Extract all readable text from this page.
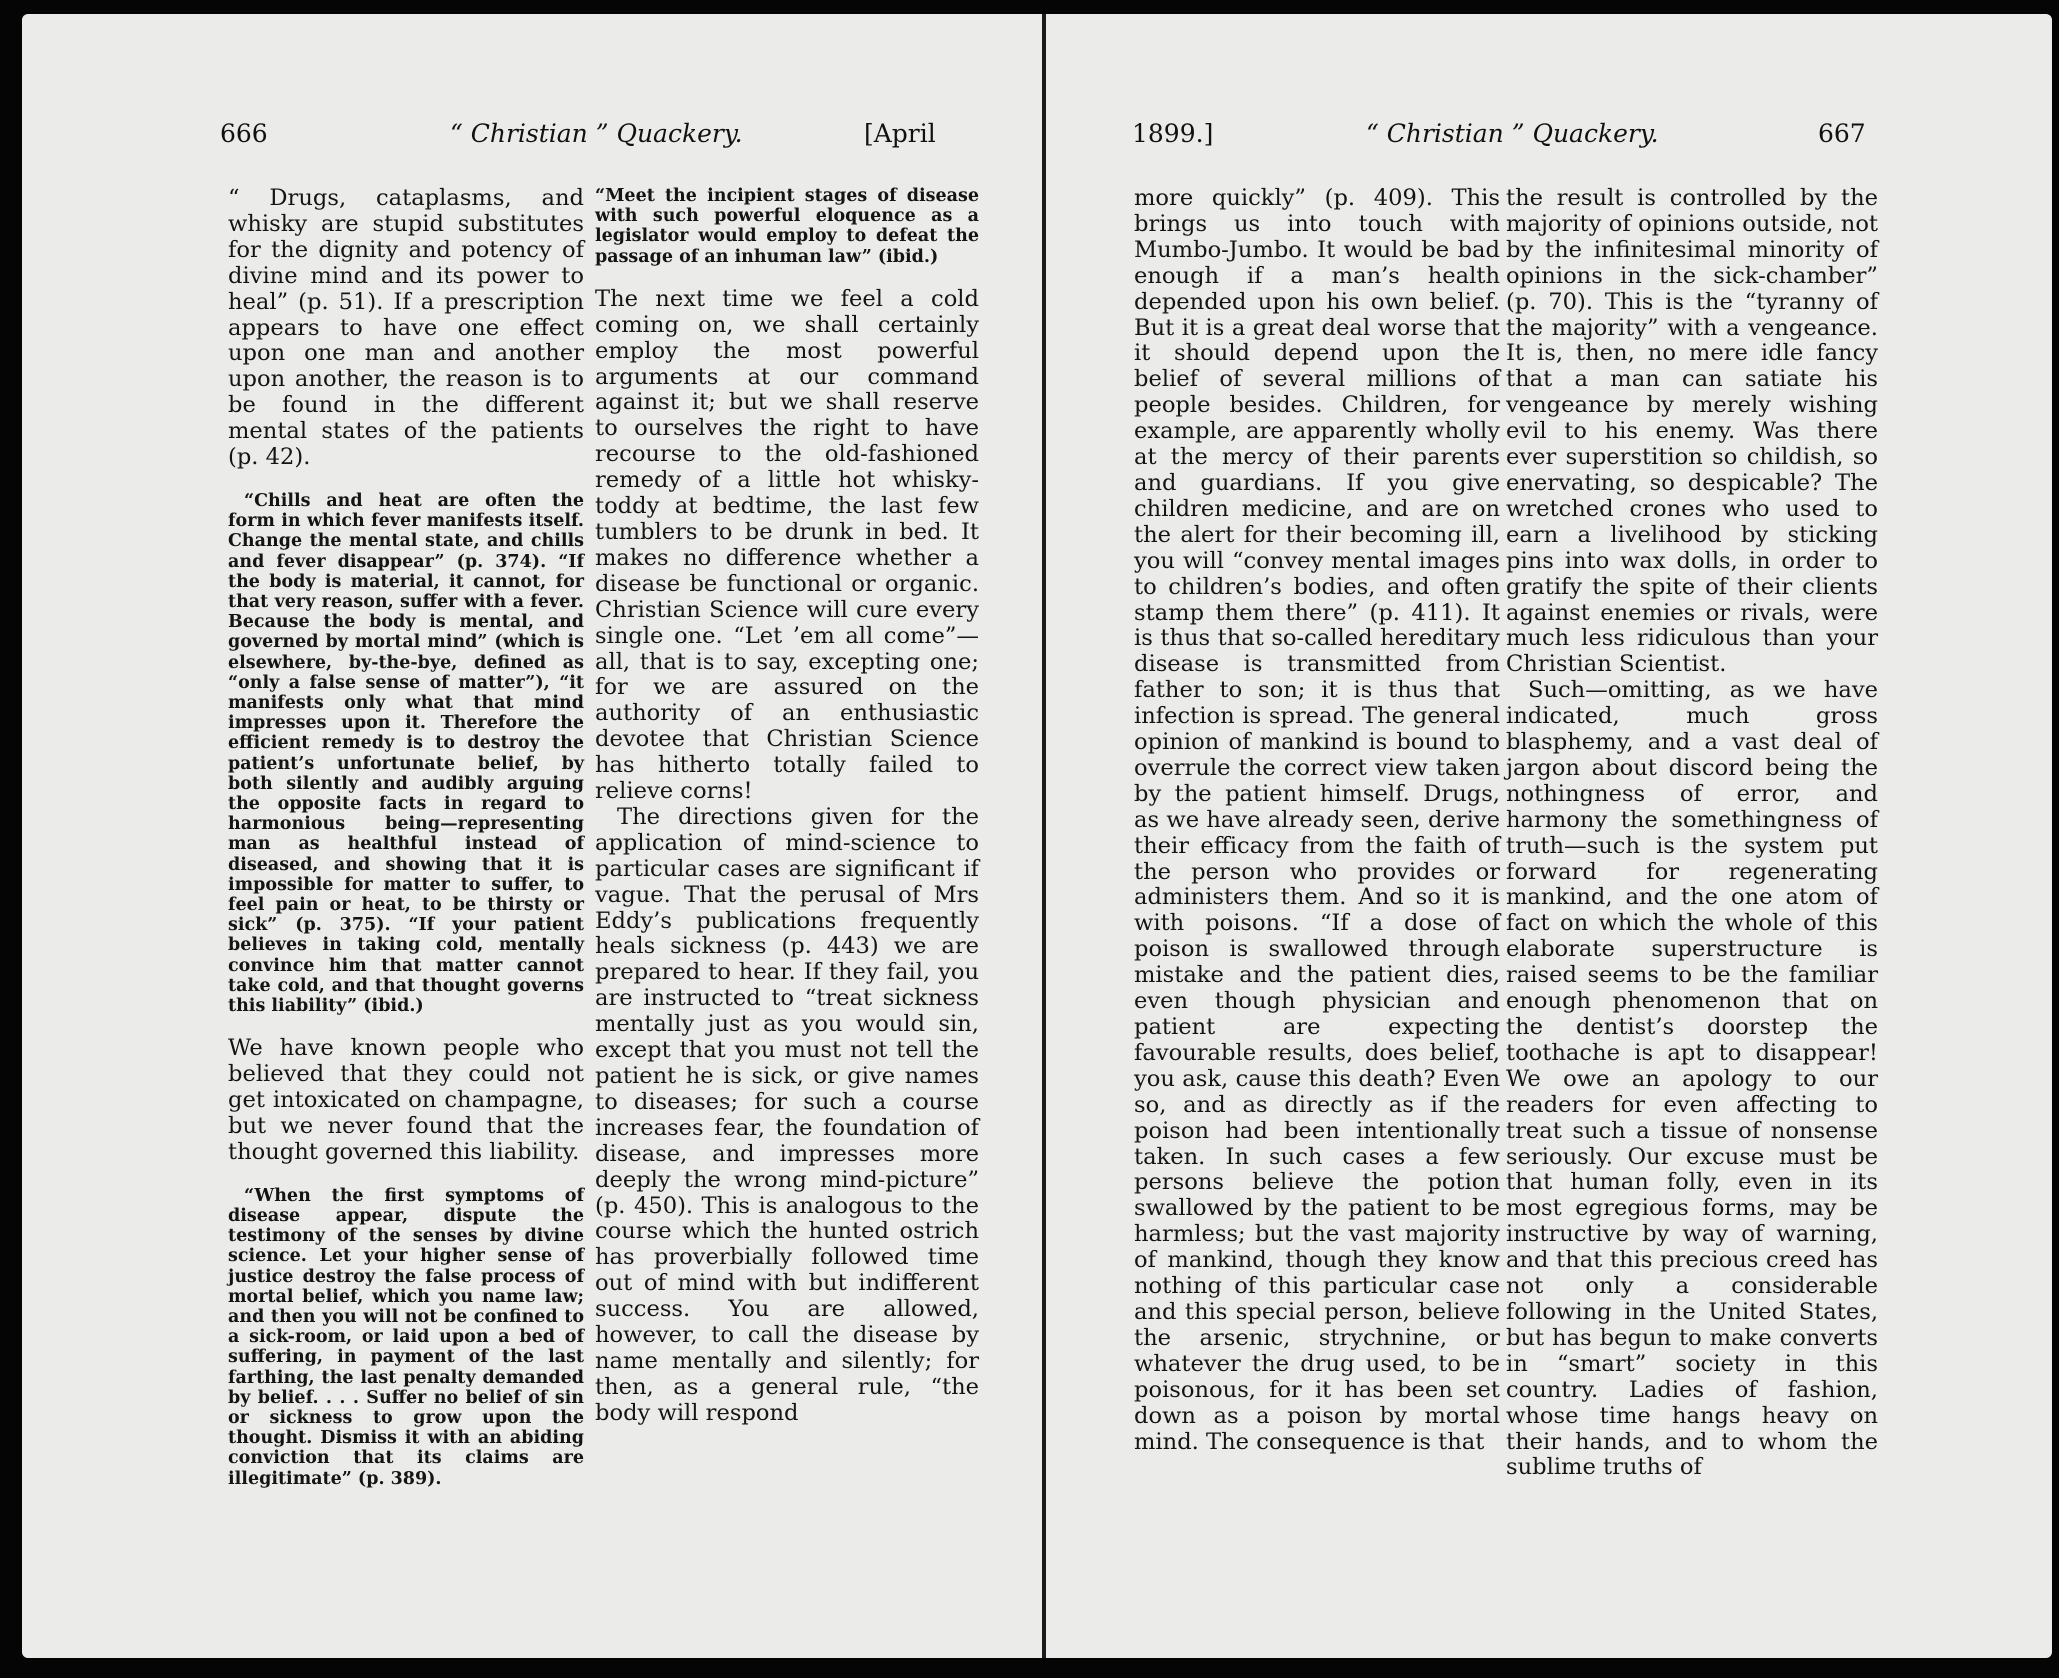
666	“ Christian ” Quackery.	[April

“ Drugs, cataplasms, and whisky are stupid substitutes for the dignity and potency of divine mind and its power to heal” (p. 51). If a prescription appears to have one effect upon one man and another upon another, the reason is to be found in the different mental states of the patients (p. 42).

“Chills and heat are often the form in which fever manifests itself. Change the mental state, and chills and fever disappear” (p. 374). “If the body is material, it cannot, for that very reason, suffer with a fever. Because the body is mental, and governed by mortal mind” (which is elsewhere, by-the-bye, defined as “only a false sense of matter”), “it manifests only what that mind impresses upon it. Therefore the efficient remedy is to destroy the patient’s unfortunate belief, by both silently and audibly arguing the opposite facts in regard to harmonious being—representing man as healthful instead of diseased, and showing that it is impossible for matter to suffer, to feel pain or heat, to be thirsty or sick” (p. 375). “If your patient believes in taking cold, mentally convince him that matter cannot take cold, and that thought governs this liability” (ibid.)

We have known people who believed that they could not get intoxicated on champagne, but we never found that the thought governed this liability.

“When the first symptoms of disease appear, dispute the testimony of the senses by divine science. Let your higher sense of justice destroy the false process of mortal belief, which you name law; and then you will not be confined to a sick-room, or laid upon a bed of suffering, in payment of the last farthing, the last penalty demanded by belief. . . . Suffer no belief of sin or sickness to grow upon the thought. Dismiss it with an abiding conviction that its claims are illegitimate” (p. 389).

“Meet the incipient stages of disease with such powerful eloquence as a legislator would employ to defeat the passage of an inhuman law” (ibid.)

The next time we feel a cold coming on, we shall certainly employ the most powerful arguments at our command against it; but we shall reserve to ourselves the right to have recourse to the old-fashioned remedy of a little hot whisky-toddy at bedtime, the last few tumblers to be drunk in bed. It makes no difference whether a disease be functional or organic. Christian Science will cure every single one. “Let ’em all come”—all, that is to say, excepting one; for we are assured on the authority of an enthusiastic devotee that Christian Science has hitherto totally failed to relieve corns!

The directions given for the application of mind-science to particular cases are significant if vague. That the perusal of Mrs Eddy’s publications frequently heals sickness (p. 443) we are prepared to hear. If they fail, you are instructed to “treat sickness mentally just as you would sin, except that you must not tell the patient he is sick, or give names to diseases; for such a course increases fear, the foundation of disease, and impresses more deeply the wrong mind-picture” (p. 450). This is analogous to the course which the hunted ostrich has proverbially followed time out of mind with but indifferent success. You are allowed, however, to call the disease by name mentally and silently; for then, as a general rule, “the body will respond

1899.]	“ Christian ” Quackery.	667

more quickly” (p. 409). This brings us into touch with Mumbo-Jumbo. It would be bad enough if a man’s health depended upon his own belief. But it is a great deal worse that it should depend upon the belief of several millions of people besides. Children, for example, are apparently wholly at the mercy of their parents and guardians. If you give children medicine, and are on the alert for their becoming ill, you will “convey mental images to children’s bodies, and often stamp them there” (p. 411). It is thus that so-called hereditary disease is transmitted from father to son; it is thus that infection is spread. The general opinion of mankind is bound to overrule the correct view taken by the patient himself. Drugs, as we have already seen, derive their efficacy from the faith of the person who provides or administers them. And so it is with poisons. “If a dose of poison is swallowed through mistake and the patient dies, even though physician and patient are expecting favourable results, does belief, you ask, cause this death? Even so, and as directly as if the poison had been intentionally taken. In such cases a few persons believe the potion swallowed by the patient to be harmless; but the vast majority of mankind, though they know nothing of this particular case and this special person, believe the arsenic, strychnine, or whatever the drug used, to be poisonous, for it has been set down as a poison by mortal mind. The consequence is that

the result is controlled by the majority of opinions outside, not by the infinitesimal minority of opinions in the sick-chamber” (p. 70). This is the “tyranny of the majority” with a vengeance. It is, then, no mere idle fancy that a man can satiate his vengeance by merely wishing evil to his enemy. Was there ever superstition so childish, so enervating, so despicable? The wretched crones who used to earn a livelihood by sticking pins into wax dolls, in order to gratify the spite of their clients against enemies or rivals, were much less ridiculous than your Christian Scientist.

Such—omitting, as we have indicated, much gross blasphemy, and a vast deal of jargon about discord being the nothingness of error, and harmony the somethingness of truth—such is the system put forward for regenerating mankind, and the one atom of fact on which the whole of this elaborate superstructure is raised seems to be the familiar enough phenomenon that on the dentist’s doorstep the toothache is apt to disappear! We owe an apology to our readers for even affecting to treat such a tissue of nonsense seriously. Our excuse must be that human folly, even in its most egregious forms, may be instructive by way of warning, and that this precious creed has not only a considerable following in the United States, but has begun to make converts in “smart” society in this country. Ladies of fashion, whose time hangs heavy on their hands, and to whom the sublime truths of
